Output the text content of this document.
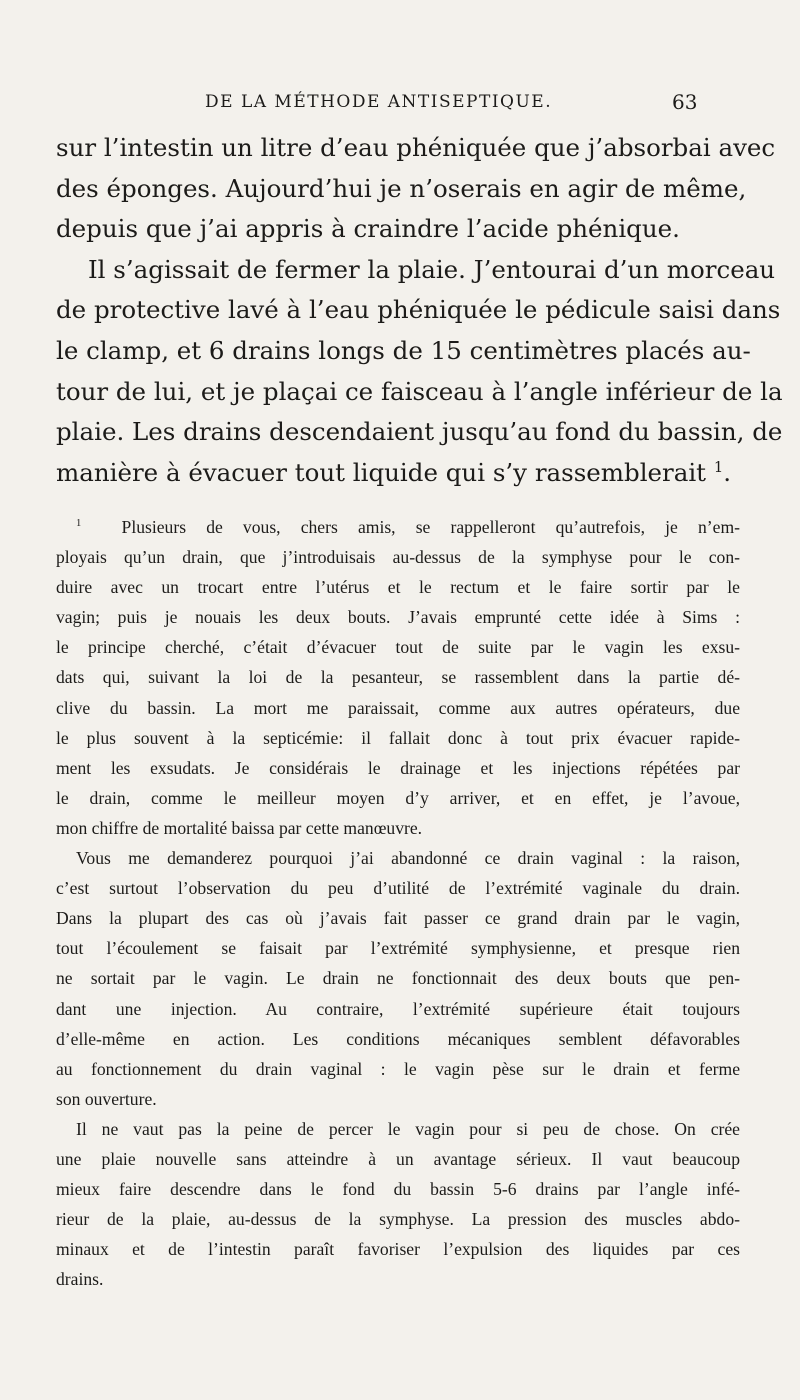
DE LA MÉTHODE ANTISEPTIQUE.	63

sur l’intestin un litre d’eau phéniquée que j’absorbai avec
des éponges. Aujourd’hui je n’oserais en agir de même,
depuis que j’ai appris à craindre l’acide phénique.

Il s’agissait de fermer la plaie. J’entourai d’un morceau
de protective lavé à l’eau phéniquée le pédicule saisi dans
le clamp, et 6 drains longs de 15 centimètres placés au-
tour de lui, et je plaçai ce faisceau à l’angle inférieur de la
plaie. Les drains descendaient jusqu’au fond du bassin, de
manière à évacuer tout liquide qui s’y rassemblerait $^1$.

$^1$ Plusieurs de vous, chers amis, se rappelleront qu’autrefois, je n’em-
ployais qu’un drain, que j’introduisais au-dessus de la symphyse pour le con-
duire avec un trocart entre l’utérus et le rectum et le faire sortir par le
vagin; puis je nouais les deux bouts. J’avais emprunté cette idée à Sims :
le principe cherché, c’était d’évacuer tout de suite par le vagin les exsu-
dats qui, suivant la loi de la pesanteur, se rassemblent dans la partie dé-
clive du bassin. La mort me paraissait, comme aux autres opérateurs, due
le plus souvent à la septicémie: il fallait donc à tout prix évacuer rapide-
ment les exsudats. Je considérais le drainage et les injections répétées par
le drain, comme le meilleur moyen d’y arriver, et en effet, je l’avoue,
mon chiffre de mortalité baissa par cette manœuvre.
Vous me demanderez pourquoi j’ai abandonné ce drain vaginal : la raison,
c’est surtout l’observation du peu d’utilité de l’extrémité vaginale du drain.
Dans la plupart des cas où j’avais fait passer ce grand drain par le vagin,
tout l’écoulement se faisait par l’extrémité symphysienne, et presque rien
ne sortait par le vagin. Le drain ne fonctionnait des deux bouts que pen-
dant une injection. Au contraire, l’extrémité supérieure était toujours
d’elle-même en action. Les conditions mécaniques semblent défavorables
au fonctionnement du drain vaginal : le vagin pèse sur le drain et ferme
son ouverture.
Il ne vaut pas la peine de percer le vagin pour si peu de chose. On crée
une plaie nouvelle sans atteindre à un avantage sérieux. Il vaut beaucoup
mieux faire descendre dans le fond du bassin 5-6 drains par l’angle infé-
rieur de la plaie, au-dessus de la symphyse. La pression des muscles abdo-
minaux et de l’intestin paraît favoriser l’expulsion des liquides par ces
drains.
